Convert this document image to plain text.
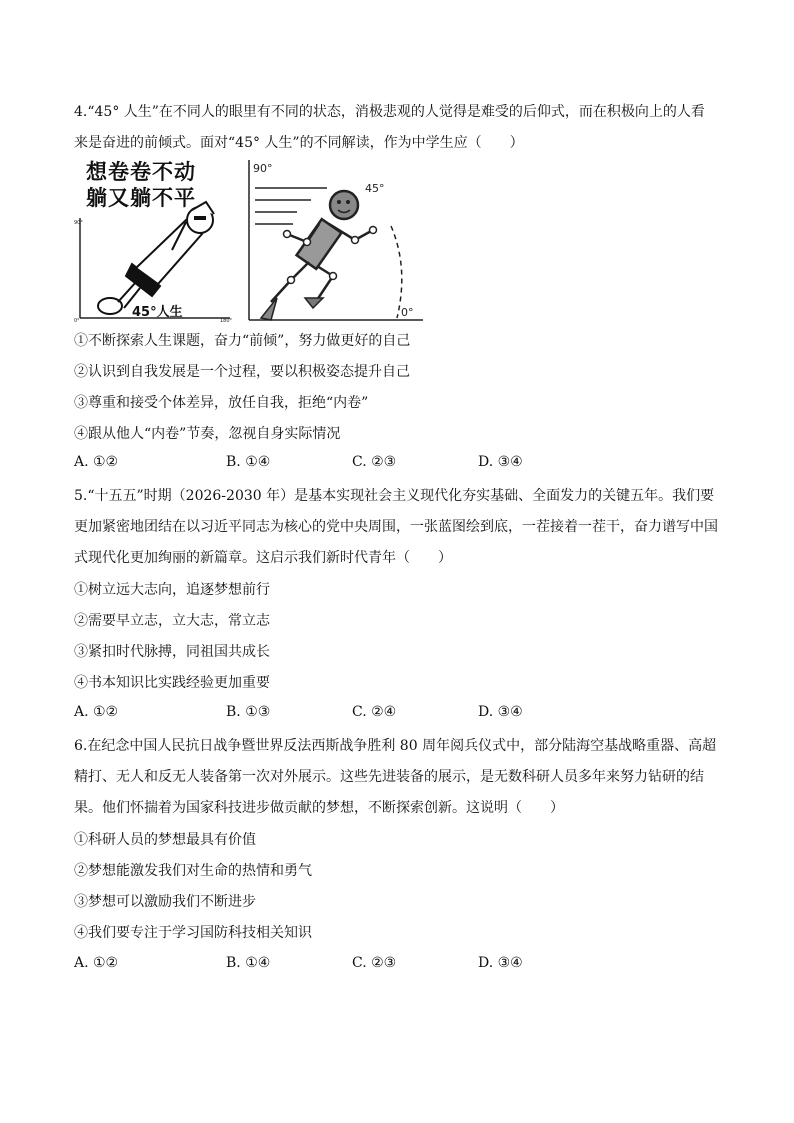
4.“45° 人生”在不同人的眼里有不同的状态，消极悲观的人觉得是难受的后仰式，而在积极向上的人看
来是奋进的前倾式。面对“45° 人生”的不同解读，作为中学生应（　　）
想卷卷不动
躺又躺不平
90°
0°	180°
45°人生
90°
45°
0°
①不断探索人生课题，奋力“前倾”，努力做更好的自己
②认识到自我发展是一个过程，要以积极姿态提升自己
③尊重和接受个体差异，放任自我，拒绝“内卷”
④跟从他人“内卷”节奏，忽视自身实际情况
A. ①②	B. ①④	C. ②③	D. ③④
5.“十五五”时期（2026-2030 年）是基本实现社会主义现代化夯实基础、全面发力的关键五年。我们要
更加紧密地团结在以习近平同志为核心的党中央周围，一张蓝图绘到底，一茬接着一茬干，奋力谱写中国
式现代化更加绚丽的新篇章。这启示我们新时代青年（　　）
①树立远大志向，追逐梦想前行
②需要早立志，立大志，常立志
③紧扣时代脉搏，同祖国共成长
④书本知识比实践经验更加重要
A. ①②	B. ①③	C. ②④	D. ③④
6.在纪念中国人民抗日战争暨世界反法西斯战争胜利 80 周年阅兵仪式中，部分陆海空基战略重器、高超
精打、无人和反无人装备第一次对外展示。这些先进装备的展示，是无数科研人员多年来努力钻研的结
果。他们怀揣着为国家科技进步做贡献的梦想，不断探索创新。这说明（　　）
①科研人员的梦想最具有价值
②梦想能激发我们对生命的热情和勇气
③梦想可以激励我们不断进步
④我们要专注于学习国防科技相关知识
A. ①②	B. ①④	C. ②③	D. ③④
